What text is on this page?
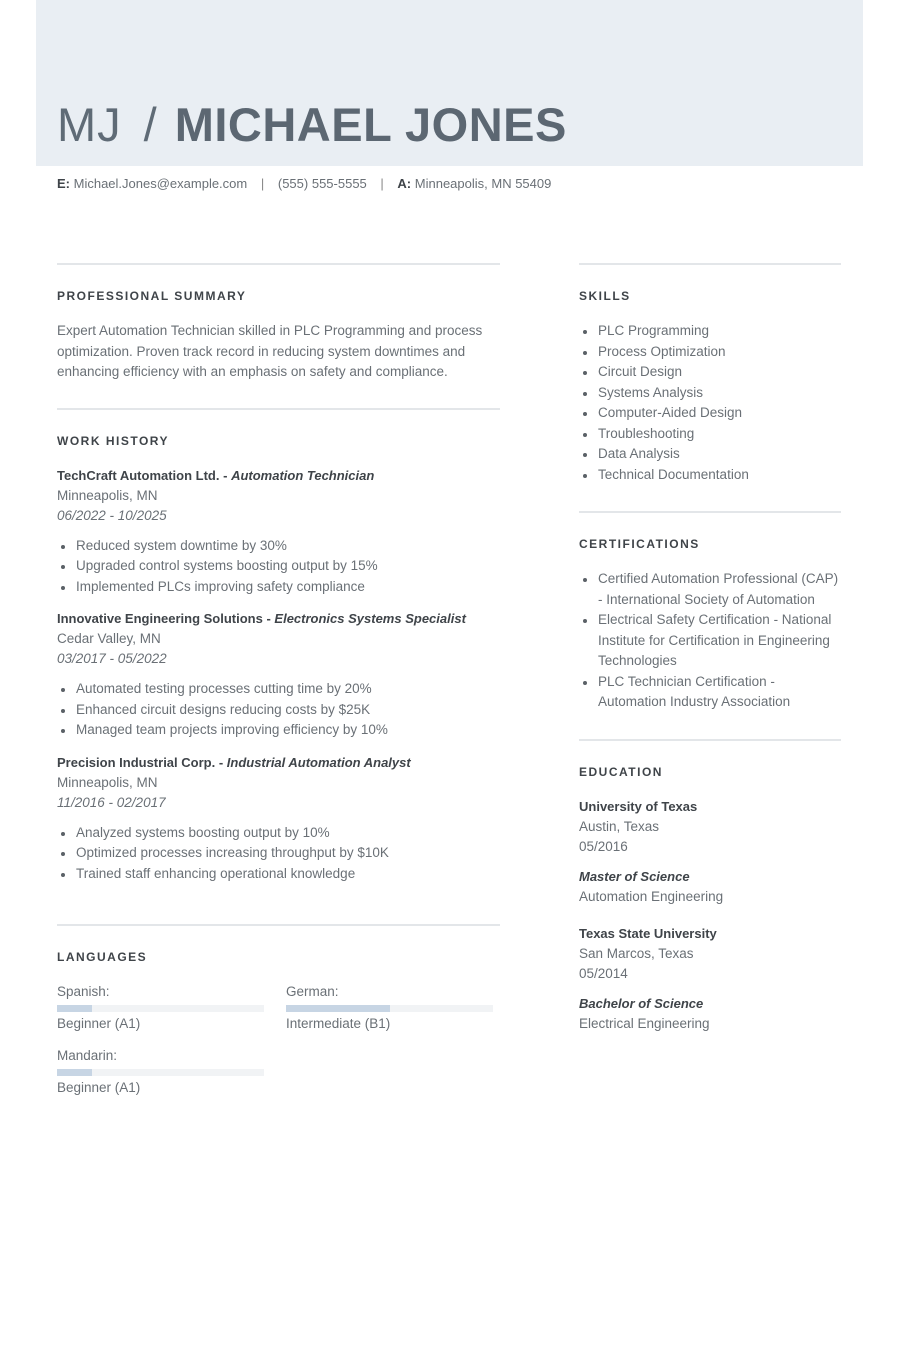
MJ / MICHAEL JONES
E: Michael.Jones@example.com | (555) 555-5555 | A: Minneapolis, MN 55409
PROFESSIONAL SUMMARY

Expert Automation Technician skilled in PLC Programming and process optimization. Proven track record in reducing system downtimes and enhancing efficiency with an emphasis on safety and compliance.

WORK HISTORY
TechCraft Automation Ltd. - Automation Technician
Minneapolis, MN
06/2022 - 10/2025
Reduced system downtime by 30%
Upgraded control systems boosting output by 15%
Implemented PLCs improving safety compliance
Innovative Engineering Solutions - Electronics Systems Specialist
Cedar Valley, MN
03/2017 - 05/2022
Automated testing processes cutting time by 20%
Enhanced circuit designs reducing costs by $25K
Managed team projects improving efficiency by 10%
Precision Industrial Corp. - Industrial Automation Analyst
Minneapolis, MN
11/2016 - 02/2017
Analyzed systems boosting output by 10%
Optimized processes increasing throughput by $10K
Trained staff enhancing operational knowledge
LANGUAGES
Spanish:
Beginner (A1)
German:
Intermediate (B1)
Mandarin:
Beginner (A1)
SKILLS
PLC Programming
Process Optimization
Circuit Design
Systems Analysis
Computer-Aided Design
Troubleshooting
Data Analysis
Technical Documentation
CERTIFICATIONS
Certified Automation Professional (CAP) - International Society of Automation
Electrical Safety Certification - National Institute for Certification in Engineering Technologies
PLC Technician Certification - Automation Industry Association
EDUCATION
University of Texas
Austin, Texas
05/2016
Master of Science
Automation Engineering
Texas State University
San Marcos, Texas
05/2014
Bachelor of Science
Electrical Engineering
